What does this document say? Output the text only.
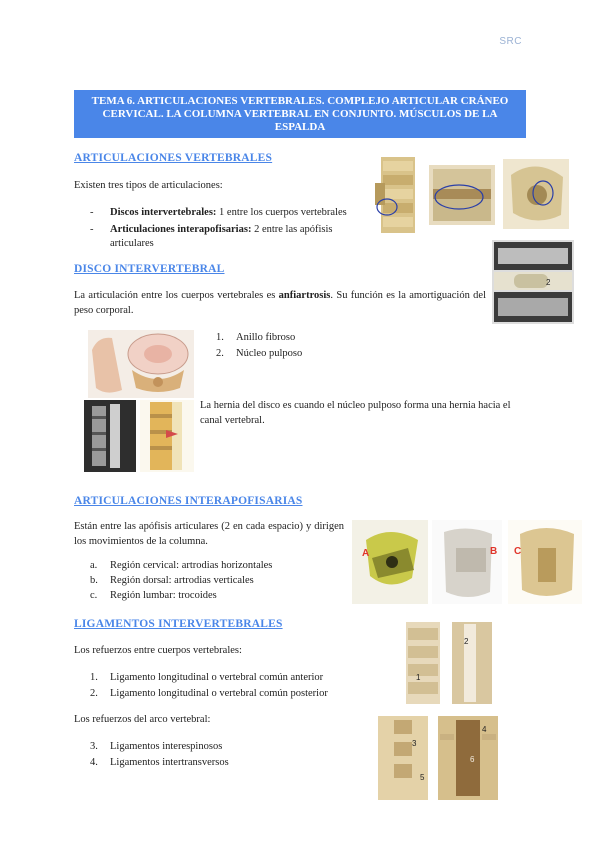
SRC
TEMA 6. ARTICULACIONES VERTEBRALES. COMPLEJO ARTICULAR CRÁNEO CERVICAL. LA COLUMNA VERTEBRAL EN CONJUNTO. MÚSCULOS DE LA ESPALDA
ARTICULACIONES VERTEBRALES
Existen tres tipos de articulaciones:
- Discos intervertebrales: 1 entre los cuerpos vertebrales
- Articulaciones interapofisarias: 2 entre las apófisis articulares
2
DISCO INTERVERTEBRAL
La articulación entre los cuerpos vertebrales es anfiartrosis. Su función es la amortiguación del peso corporal.
1. Anillo fibroso
2. Núcleo pulposo
La hernia del disco es cuando el núcleo pulposo forma una hernia hacia el canal vertebral.
ARTICULACIONES INTERAPOFISARIAS
Están entre las apófisis articulares (2 en cada espacio) y dirigen los movimientos de la columna.
a. Región cervical: artrodias horizontales
b. Región dorsal: artrodias verticales
c. Región lumbar: trocoides
A	B C
LIGAMENTOS INTERVERTEBRALES
Los refuerzos entre cuerpos vertebrales:
1. Ligamento longitudinal o vertebral común anterior
2. Ligamento longitudinal o vertebral común posterior
Los refuerzos del arco vertebral:
3. Ligamentos interespinosos
4. Ligamentos intertransversos
1
2
3
4
5
6
